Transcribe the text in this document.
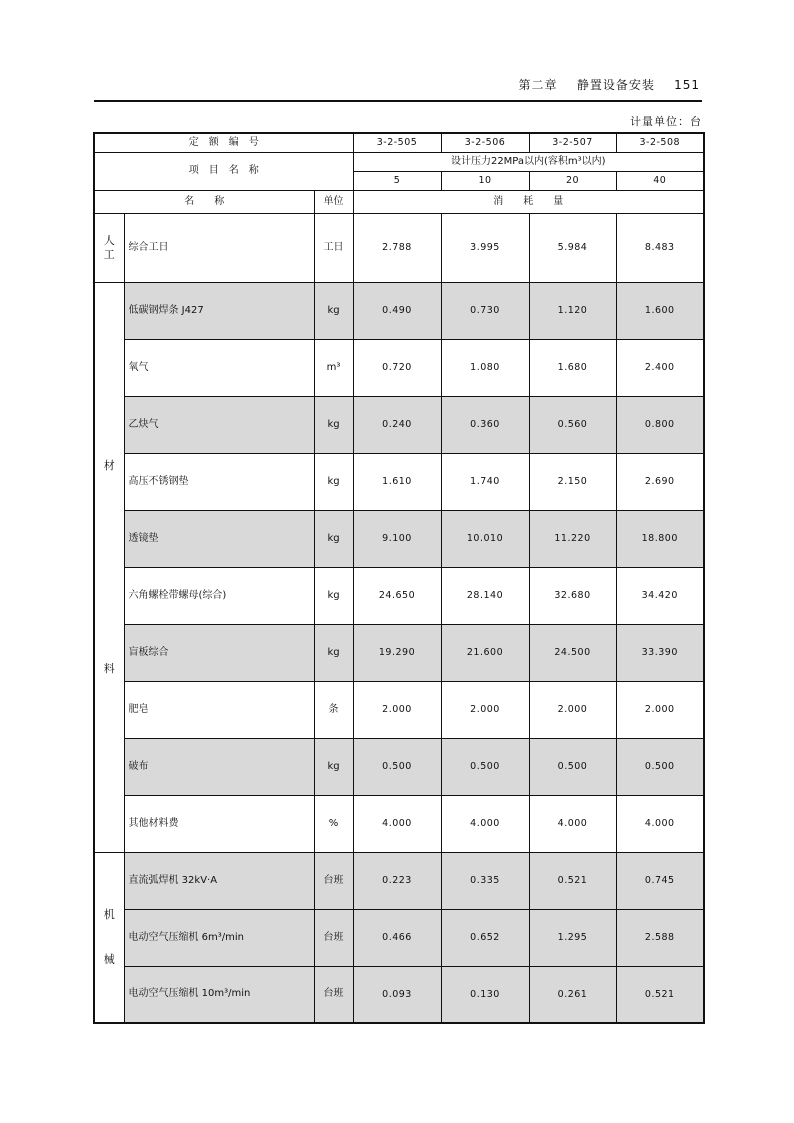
第二章 静置设备安装 151
计量单位：台
定　额　编　号			3-2-505	3-2-506	3-2-507	3-2-508
项　目　名　称			设计压力22MPa以内(容积m³以内)			
			5	10	20	40
名　　称		单位	消　　耗　　量			

人
工	综合工日	工日	2.788	3.995	5.984	8.483

材
料	低碳钢焊条 J427	kg	0.490	0.730	1.120	1.600
	氧气	m³	0.720	1.080	1.680	2.400
	乙炔气	kg	0.240	0.360	0.560	0.800
	高压不锈钢垫	kg	1.610	1.740	2.150	2.690
	透镜垫	kg	9.100	10.010	11.220	18.800
	六角螺栓带螺母(综合)	kg	24.650	28.140	32.680	34.420
	盲板综合	kg	19.290	21.600	24.500	33.390
	肥皂	条	2.000	2.000	2.000	2.000
	破布	kg	0.500	0.500	0.500	0.500
	其他材料费	%	4.000	4.000	4.000	4.000

机
械	直流弧焊机 32kV·A	台班	0.223	0.335	0.521	0.745
	电动空气压缩机 6m³/min	台班	0.466	0.652	1.295	2.588
	电动空气压缩机 10m³/min	台班	0.093	0.130	0.261	0.521
